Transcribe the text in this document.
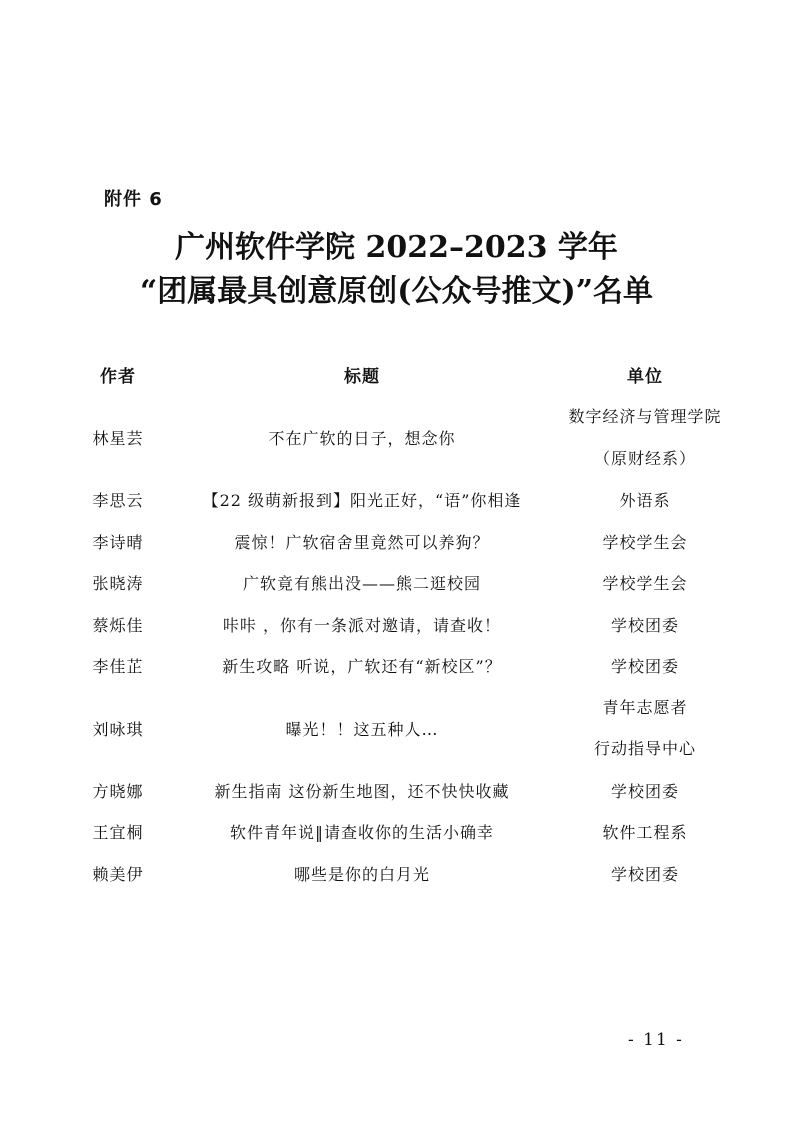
附件 6
广州软件学院 2022–2023 学年
“团属最具创意原创(公众号推文)”名单
作者	标题	单位
林星芸	不在广软的日子，想念你	数字经济与管理学院
（原财经系）

李思云	【22 级萌新报到】阳光正好，“语”你相逢	外语系
李诗晴	震惊！广软宿舍里竟然可以养狗？	学校学生会
张晓涛	广软竟有熊出没——熊二逛校园	学校学生会
蔡烁佳	咔咔 ，你有一条派对邀请，请查收！	学校团委
李佳芷	新生攻略 听说，广软还有“新校区”？	学校团委
刘咏琪	曝光！！这五种人…	青年志愿者
行动指导中心

方晓娜	新生指南 这份新生地图，还不快快收藏	学校团委
王宜桐	软件青年说‖请查收你的生活小确幸	软件工程系
赖美伊	哪些是你的白月光	学校团委
- 11 -
